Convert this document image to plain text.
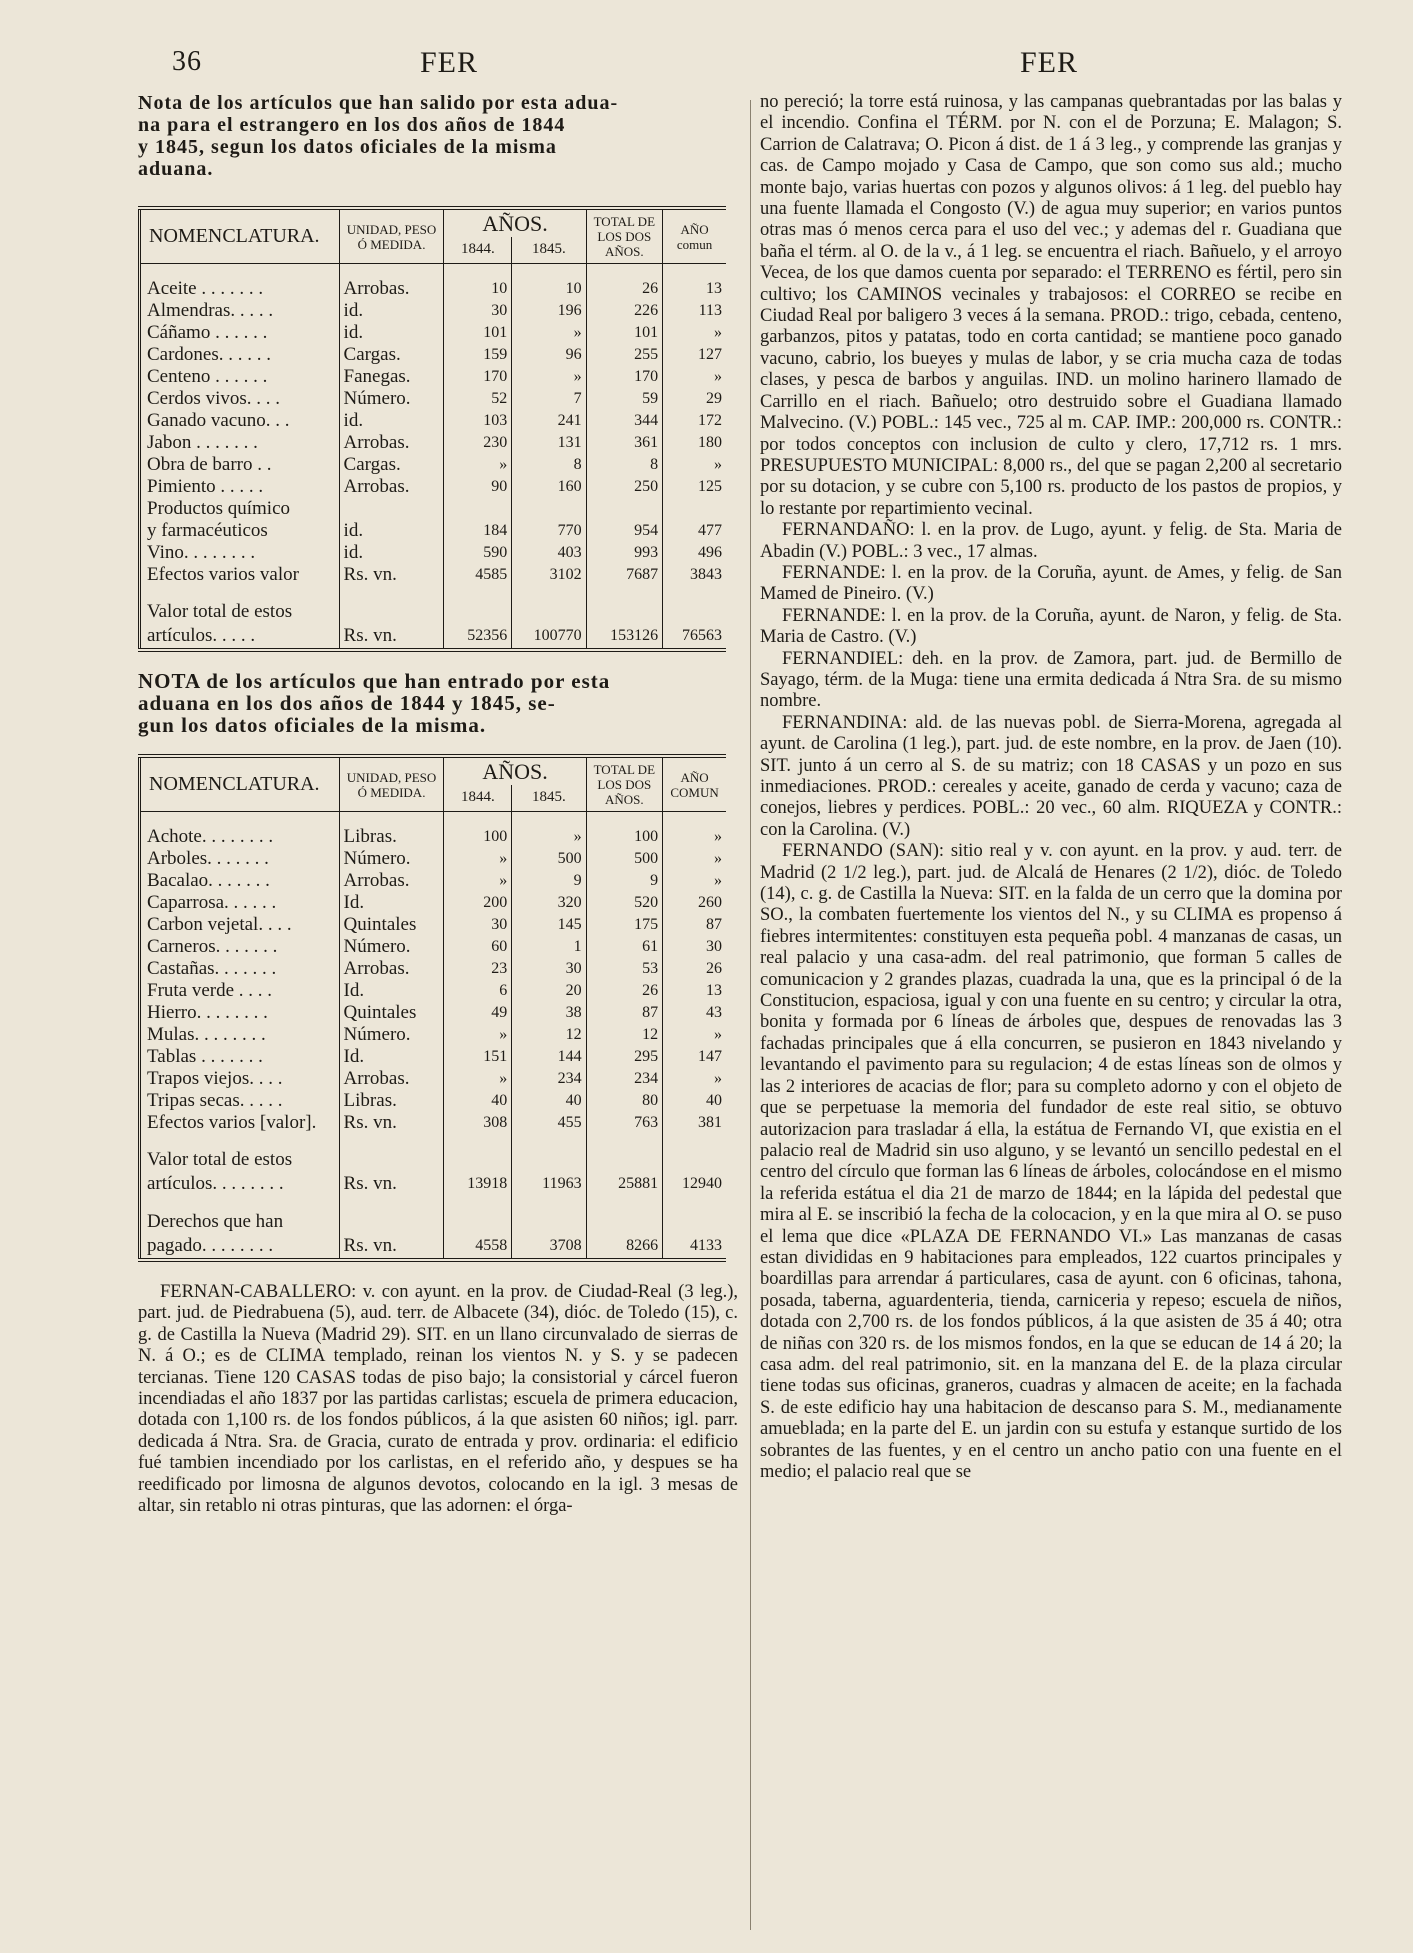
36	FER	FER
Nota de los artículos que han salido por esta adua-
na para el estrangero en los dos años de 1844
y 1845, segun los datos oficiales de la misma
aduana.
NOMENCLATURA.	UNIDAD, PESO Ó MEDIDA.	AÑOS.		TOTAL DE LOS DOS AÑOS.	AÑO comun
		1844.	1845.		

Aceite . . . . . . .	Arrobas.	10	10	26	13
Almendras. . . . .	id.	30	196	226	113
Cáñamo . . . . . .	id.	101	»	101	»
Cardones. . . . . .	Cargas.	159	96	255	127
Centeno . . . . . .	Fanegas.	170	»	170	»
Cerdos vivos. . . .	Número.	52	7	59	29
Ganado vacuno. . .	id.	103	241	344	172
Jabon . . . . . . .	Arrobas.	230	131	361	180
Obra de barro . .	Cargas.	»	8	8	»
Pimiento . . . . .	Arrobas.	90	160	250	125
Productos químico					
y farmacéuticos	id.	184	770	954	477
Vino. . . . . . . .	id.	590	403	993	496
Efectos varios valor	Rs. vn.	4585	3102	7687	3843

Valor total de estos artículos. . . . .	Rs. vn.	52356	100770	153126	76563
NOTA de los artículos que han entrado por esta
aduana en los dos años de 1844 y 1845, se-
gun los datos oficiales de la misma.
NOMENCLATURA.	UNIDAD, PESO Ó MEDIDA.	AÑOS.		TOTAL DE LOS DOS AÑOS.	AÑO COMUN
		1844.	1845.		

Achote. . . . . . . .	Libras.	100	»	100	»
Arboles. . . . . . .	Número.	»	500	500	»
Bacalao. . . . . . .	Arrobas.	»	9	9	»
Caparrosa. . . . . .	Id.	200	320	520	260
Carbon vejetal. . . .	Quintales	30	145	175	87
Carneros. . . . . . .	Número.	60	1	61	30
Castañas. . . . . . .	Arrobas.	23	30	53	26
Fruta verde . . . .	Id.	6	20	26	13
Hierro. . . . . . . .	Quintales	49	38	87	43
Mulas. . . . . . . .	Número.	»	12	12	»
Tablas . . . . . . .	Id.	151	144	295	147
Trapos viejos. . . .	Arrobas.	»	234	234	»
Tripas secas. . . . .	Libras.	40	40	80	40
Efectos varios [valor].	Rs. vn.	308	455	763	381

Valor total de estos artículos. . . . . . . .	Rs. vn.	13918	11963	25881	12940

Derechos que han pagado. . . . . . . .	Rs. vn.	4558	3708	8266	4133

FERNAN-CABALLERO: v. con ayunt. en la prov. de Ciudad-Real (3 leg.), part. jud. de Piedrabuena (5), aud. terr. de Albacete (34), dióc. de Toledo (15), c. g. de Castilla la Nueva (Madrid 29). SIT. en un llano circunvalado de sierras de N. á O.; es de CLIMA templado, reinan los vientos N. y S. y se padecen tercianas. Tiene 120 CASAS todas de piso bajo; la consistorial y cárcel fueron incendiadas el año 1837 por las partidas carlistas; escuela de primera educacion, dotada con 1,100 rs. de los fondos públicos, á la que asisten 60 niños; igl. parr. dedicada á Ntra. Sra. de Gracia, curato de entrada y prov. ordinaria: el edificio fué tambien incendiado por los carlistas, en el referido año, y despues se ha reedificado por limosna de algunos devotos, colocando en la igl. 3 mesas de altar, sin retablo ni otras pinturas, que las adornen: el órga-

no pereció; la torre está ruinosa, y las campanas quebrantadas por las balas y el incendio. Confina el TÉRM. por N. con el de Porzuna; E. Malagon; S. Carrion de Calatrava; O. Picon á dist. de 1 á 3 leg., y comprende las granjas y cas. de Campo mojado y Casa de Campo, que son como sus ald.; mucho monte bajo, varias huertas con pozos y algunos olivos: á 1 leg. del pueblo hay una fuente llamada el Congosto (V.) de agua muy superior; en varios puntos otras mas ó menos cerca para el uso del vec.; y ademas del r. Guadiana que baña el térm. al O. de la v., á 1 leg. se encuentra el riach. Bañuelo, y el arroyo Vecea, de los que damos cuenta por separado: el TERRENO es fértil, pero sin cultivo; los CAMINOS vecinales y trabajosos: el CORREO se recibe en Ciudad Real por baligero 3 veces á la semana. PROD.: trigo, cebada, centeno, garbanzos, pitos y patatas, todo en corta cantidad; se mantiene poco ganado vacuno, cabrio, los bueyes y mulas de labor, y se cria mucha caza de todas clases, y pesca de barbos y anguilas. IND. un molino harinero llamado de Carrillo en el riach. Bañuelo; otro destruido sobre el Guadiana llamado Malvecino. (V.) POBL.: 145 vec., 725 al m. CAP. IMP.: 200,000 rs. CONTR.: por todos conceptos con inclusion de culto y clero, 17,712 rs. 1 mrs. PRESUPUESTO MUNICIPAL: 8,000 rs., del que se pagan 2,200 al secretario por su dotacion, y se cubre con 5,100 rs. producto de los pastos de propios, y lo restante por repartimiento vecinal.

FERNANDAÑO: l. en la prov. de Lugo, ayunt. y felig. de Sta. Maria de Abadin (V.) POBL.: 3 vec., 17 almas.

FERNANDE: l. en la prov. de la Coruña, ayunt. de Ames, y felig. de San Mamed de Pineiro. (V.)

FERNANDE: l. en la prov. de la Coruña, ayunt. de Naron, y felig. de Sta. Maria de Castro. (V.)

FERNANDIEL: deh. en la prov. de Zamora, part. jud. de Bermillo de Sayago, térm. de la Muga: tiene una ermita dedicada á Ntra Sra. de su mismo nombre.

FERNANDINA: ald. de las nuevas pobl. de Sierra-Morena, agregada al ayunt. de Carolina (1 leg.), part. jud. de este nombre, en la prov. de Jaen (10). SIT. junto á un cerro al S. de su matriz; con 18 CASAS y un pozo en sus inmediaciones. PROD.: cereales y aceite, ganado de cerda y vacuno; caza de conejos, liebres y perdices. POBL.: 20 vec., 60 alm. RIQUEZA y CONTR.: con la Carolina. (V.)

FERNANDO (SAN): sitio real y v. con ayunt. en la prov. y aud. terr. de Madrid (2 1/2 leg.), part. jud. de Alcalá de Henares (2 1/2), dióc. de Toledo (14), c. g. de Castilla la Nueva: SIT. en la falda de un cerro que la domina por SO., la combaten fuertemente los vientos del N., y su CLIMA es propenso á fiebres intermitentes: constituyen esta pequeña pobl. 4 manzanas de casas, un real palacio y una casa-adm. del real patrimonio, que forman 5 calles de comunicacion y 2 grandes plazas, cuadrada la una, que es la principal ó de la Constitucion, espaciosa, igual y con una fuente en su centro; y circular la otra, bonita y formada por 6 líneas de árboles que, despues de renovadas las 3 fachadas principales que á ella concurren, se pusieron en 1843 nivelando y levantando el pavimento para su regulacion; 4 de estas líneas son de olmos y las 2 interiores de acacias de flor; para su completo adorno y con el objeto de que se perpetuase la memoria del fundador de este real sitio, se obtuvo autorizacion para trasladar á ella, la estátua de Fernando VI, que existia en el palacio real de Madrid sin uso alguno, y se levantó un sencillo pedestal en el centro del círculo que forman las 6 líneas de árboles, colocándose en el mismo la referida estátua el dia 21 de marzo de 1844; en la lápida del pedestal que mira al E. se inscribió la fecha de la colocacion, y en la que mira al O. se puso el lema que dice «PLAZA DE FERNANDO VI.» Las manzanas de casas estan divididas en 9 habitaciones para empleados, 122 cuartos principales y boardillas para arrendar á particulares, casa de ayunt. con 6 oficinas, tahona, posada, taberna, aguardenteria, tienda, carniceria y repeso; escuela de niños, dotada con 2,700 rs. de los fondos públicos, á la que asisten de 35 á 40; otra de niñas con 320 rs. de los mismos fondos, en la que se educan de 14 á 20; la casa adm. del real patrimonio, sit. en la manzana del E. de la plaza circular tiene todas sus oficinas, graneros, cuadras y almacen de aceite; en la fachada S. de este edificio hay una habitacion de descanso para S. M., medianamente amueblada; en la parte del E. un jardin con su estufa y estanque surtido de los sobrantes de las fuentes, y en el centro un ancho patio con una fuente en el medio; el palacio real que se
